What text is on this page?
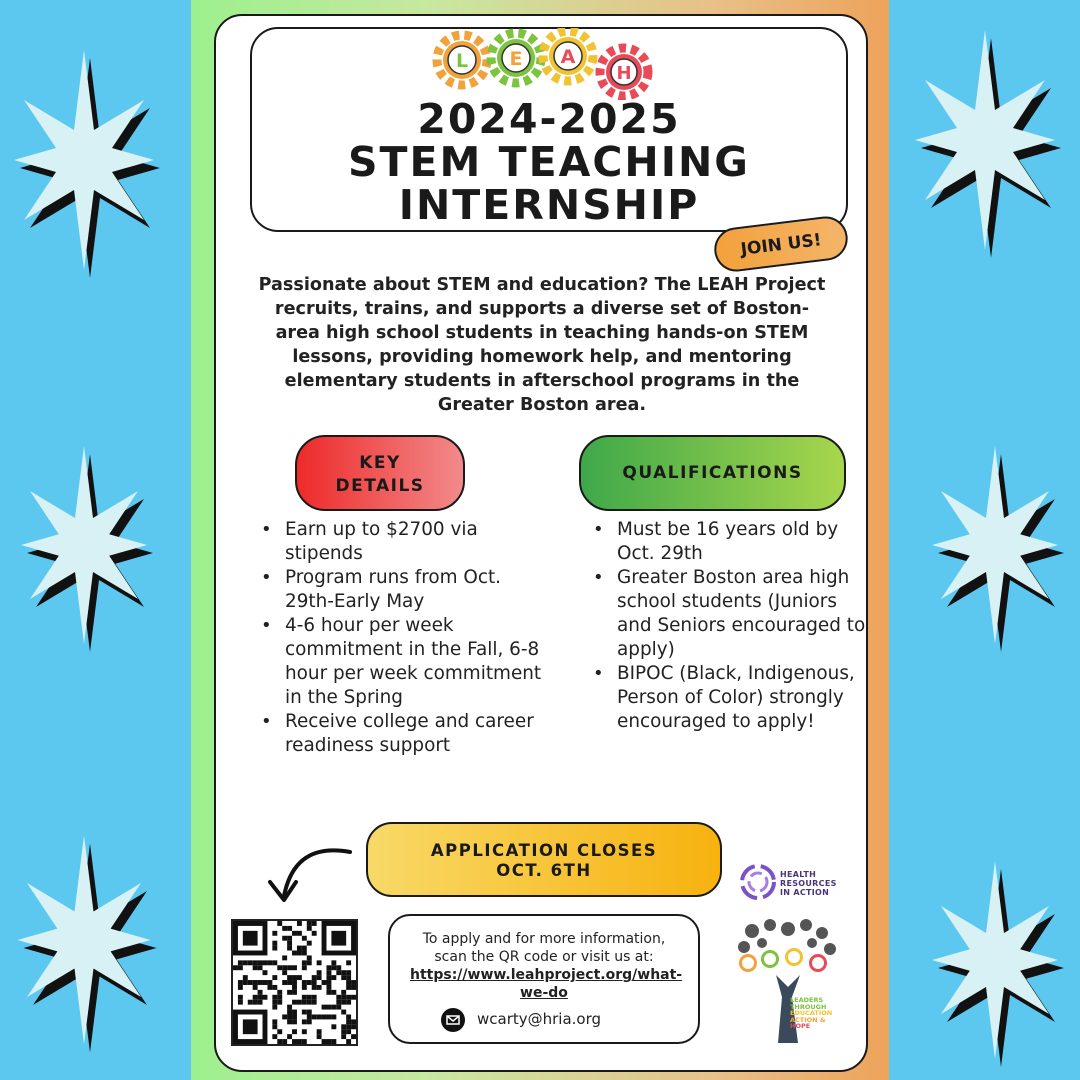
L E A
H
2024-2025
STEM TEACHING
INTERNSHIP
JOIN US!
Passionate about STEM and education? The LEAH Project recruits, trains, and supports a diverse set of Boston-area high school students in teaching hands-on STEM lessons, providing homework help, and mentoring elementary students in afterschool programs in the Greater Boston area.
KEY
DETAILS
QUALIFICATIONS
• Earn up to $2700 via stipends
• Program runs from Oct. 29th-Early May
• 4-6 hour per week commitment in the Fall, 6-8 hour per week commitment in the Spring
• Receive college and career readiness support
• Must be 16 years old by Oct. 29th
• Greater Boston area high school students (Juniors and Seniors encouraged to apply)
• BIPOC (Black, Indigenous, Person of Color) strongly encouraged to apply!
APPLICATION CLOSES
OCT. 6TH
To apply and for more information,
scan the QR code or visit us at:
https://www.leahproject.org/what-we-do
wcarty@hria.org
HEALTH
RESOURCES
IN ACTION
LEADERS
THROUGH
EDUCATION
ACTION &
HOPE
